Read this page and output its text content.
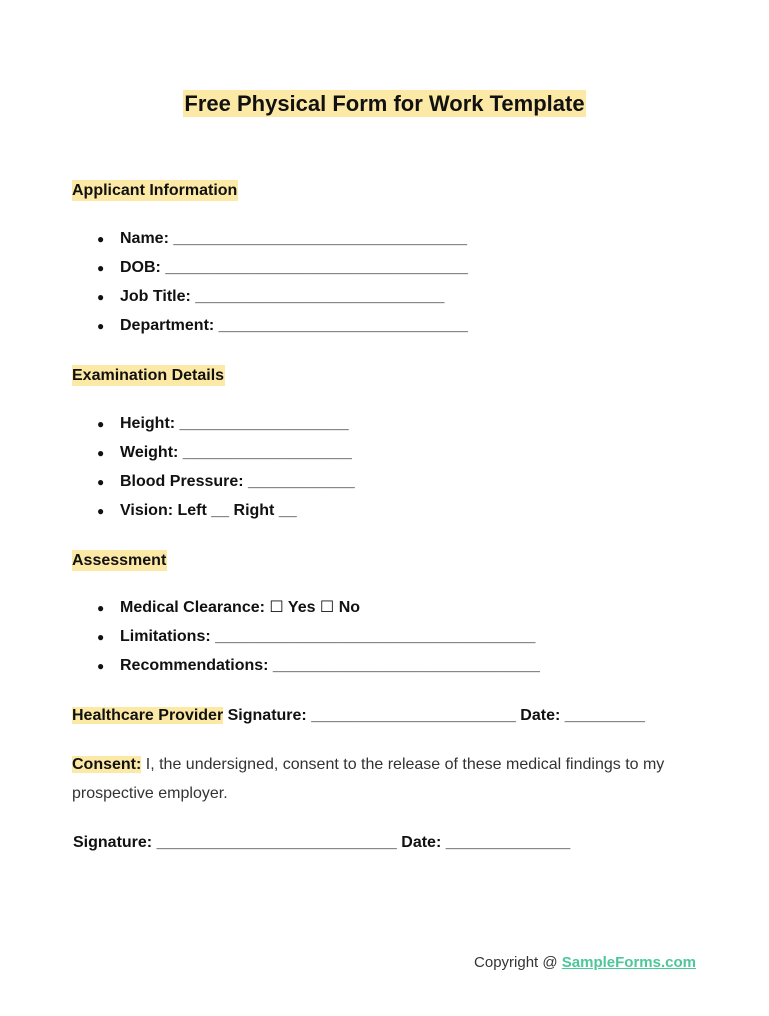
Free Physical Form for Work Template
Applicant Information
● Name: _________________________________
● DOB: __________________________________
● Job Title: ____________________________
● Department: ____________________________
Examination Details
● Height: ___________________
● Weight: ___________________
● Blood Pressure: ____________
● Vision: Left __ Right __
Assessment
● Medical Clearance: ☐ Yes ☐ No
● Limitations: ____________________________________
● Recommendations: ______________________________
Healthcare Provider Signature: _______________________ Date: _________
Consent: I, the undersigned, consent to the release of these medical findings to my prospective employer.
Signature: ___________________________ Date: ______________
Copyright @ SampleForms.com
